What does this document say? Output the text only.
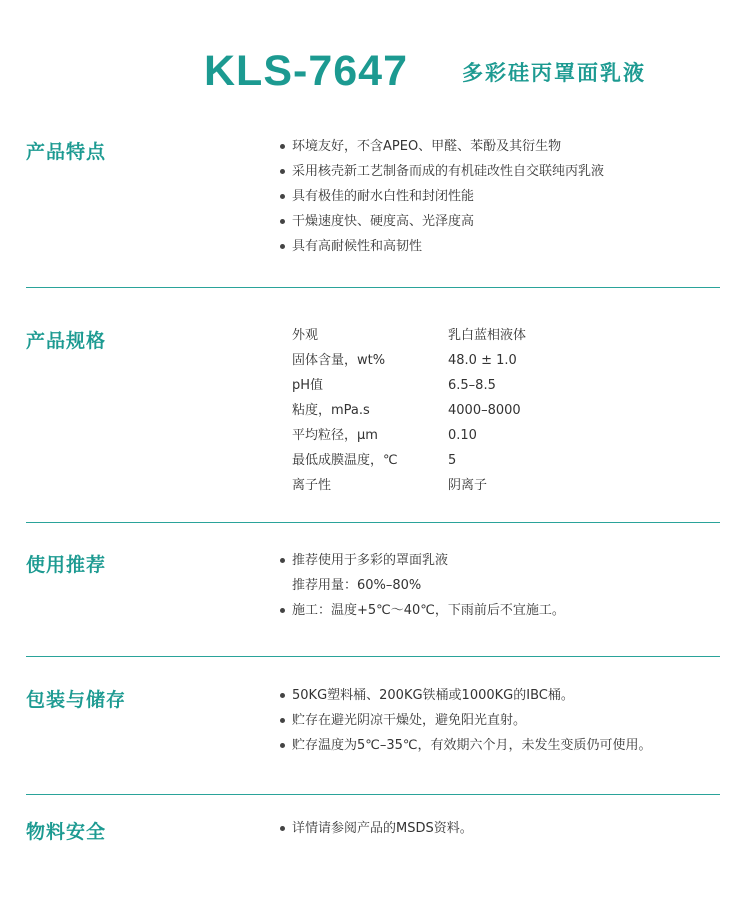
KLS-7647	多彩硅丙罩面乳液
产品特点	环境友好，不含APEO、甲醛、苯酚及其衍生物
采用核壳新工艺制备而成的有机硅改性自交联纯丙乳液
具有极佳的耐水白性和封闭性能
干燥速度快、硬度高、光泽度高
具有高耐候性和高韧性
产品规格	外观	乳白蓝相液体
固体含量，wt%	48.0 ± 1.0
pH值	6.5–8.5
粘度，mPa.s	4000–8000
平均粒径，μm	0.10
最低成膜温度，℃	5
离子性	阴离子
使用推荐	推荐使用于多彩的罩面乳液
推荐用量：60%–80%
施工：温度+5℃～40℃，下雨前后不宜施工。
包装与储存	50KG塑料桶、200KG铁桶或1000KG的IBC桶。
贮存在避光阴凉干燥处，避免阳光直射。
贮存温度为5℃–35℃，有效期六个月，未发生变质仍可使用。
物料安全	详情请参阅产品的MSDS资料。
